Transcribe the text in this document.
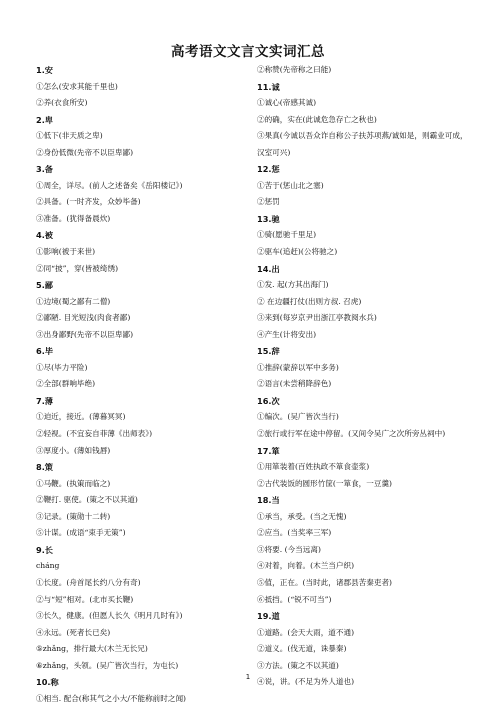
高考语文文言文实词汇总
1.安
①怎么(安求其能千里也)
②养(衣食所安)
2.卑
①低下(非天质之卑)
②身份低微(先帝不以臣卑鄙)
3.备
①周全，详尽。(前人之述备矣《岳阳楼记》)
②具备。(一时齐发，众妙毕备)
③准备。(犹得备晨炊)
4.被
①影响(被于来世)
②同“披”，穿(皆被绮绣)
5.鄙
①边境(蜀之鄙有二僧)
②鄙陋. 目光短浅(肉食者鄙)
③出身鄙野(先帝不以臣卑鄙)
6.毕
①尽(毕力平险)
②全部(群响毕绝)
7.薄
①迫近，接近。(薄暮冥冥)
②轻视。(不宜妄自菲薄《出师表》)
③厚度小。(薄如钱唇)
8.策
①马鞭。(执策而临之)
②鞭打. 驱使。(策之不以其道)
③记录。(策勋十二转)
⑤计谋。(成语“束手无策”)
9.长
chánɡ
①长度。(舟首尾长约八分有奇)
②与“短”相对。(北市买长鞭)
③长久，健康。(但愿人长久《明月几时有》)
④永远。(死者长已矣)
⑤zhǎnɡ，排行最大(木兰无长兄)
⑥zhǎnɡ，头领。(吴广皆次当行，为屯长)
10.称
①相当. 配合(称其气之小大/不能称前时之闻)
②称赞(先帝称之曰能)
11.诚
①诚心(帝感其诚)
②的确，实在(此诚危急存亡之秋也)
③果真(今诚以吾众诈自称公子扶苏项燕/诚如是，则霸业可成，汉室可兴)
12.惩
①苦于(惩山北之塞)
②惩罚
13.驰
①骑(愿驰千里足)
②驱车(追赶)(公将驰之)
14.出
①发. 起(方其出海门)
② 在边疆打仗(出则方叔. 召虎)
③来到(每岁京尹出浙江亭教阅水兵)
④产生(计将安出)
15.辞
①推辞(蒙辞以军中多务)
②语言(未尝稍降辞色)
16.次
①编次。(吴广皆次当行)
②旅行或行军在途中停留。(又间令吴广之次所旁丛祠中)
17.箪
①用箪装着(百姓执政不箪食壶浆)
②古代装饭的圆形竹筐(一箪食，一豆羹)
18.当
①承当，承受。(当之无愧)
②应当。(当奖率三军)
③将要. (今当远离)
④对着，向着。(木兰当户织)
⑤值，正在。(当时此，诸郡县苦秦吏者)
⑥抵挡。(“锐不可当”)
19.道
①道路。(会天大雨，道不通)
②道义。(伐无道，诛暴秦)
③方法。(策之不以其道)
④说，讲。(不足为外人道也)
1
